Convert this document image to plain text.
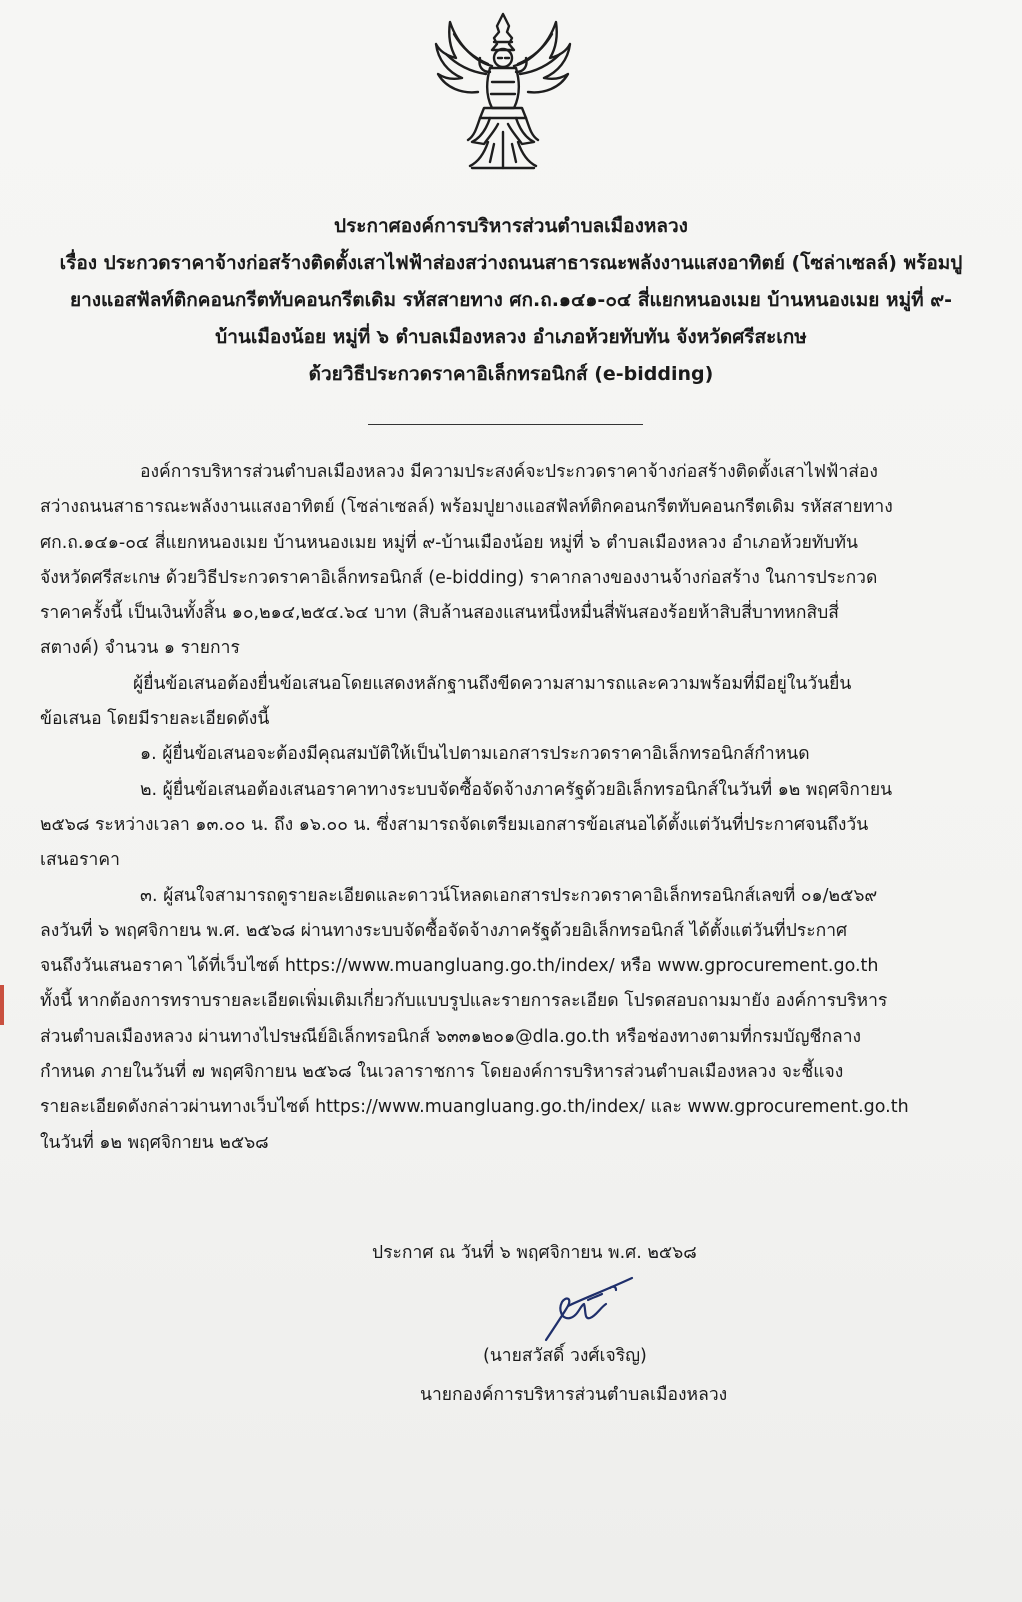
ประกาศองค์การบริหารส่วนตำบลเมืองหลวง
เรื่อง ประกวดราคาจ้างก่อสร้างติดตั้งเสาไฟฟ้าส่องสว่างถนนสาธารณะพลังงานแสงอาทิตย์ (โซล่าเซลล์) พร้อมปู
ยางแอสฟัลท์ติกคอนกรีตทับคอนกรีตเดิม รหัสสายทาง ศก.ถ.๑๔๑-๐๔ สี่แยกหนองเมย บ้านหนองเมย หมู่ที่ ๙-
บ้านเมืองน้อย หมู่ที่ ๖ ตำบลเมืองหลวง อำเภอห้วยทับทัน จังหวัดศรีสะเกษ
ด้วยวิธีประกวดราคาอิเล็กทรอนิกส์ (e-bidding)
องค์การบริหารส่วนตำบลเมืองหลวง มีความประสงค์จะประกวดราคาจ้างก่อสร้างติดตั้งเสาไฟฟ้าส่อง
สว่างถนนสาธารณะพลังงานแสงอาทิตย์ (โซล่าเซลล์) พร้อมปูยางแอสฟัลท์ติกคอนกรีตทับคอนกรีตเดิม รหัสสายทาง
ศก.ถ.๑๔๑-๐๔ สี่แยกหนองเมย บ้านหนองเมย หมู่ที่ ๙-บ้านเมืองน้อย หมู่ที่ ๖ ตำบลเมืองหลวง อำเภอห้วยทับทัน
จังหวัดศรีสะเกษ ด้วยวิธีประกวดราคาอิเล็กทรอนิกส์ (e-bidding) ราคากลางของงานจ้างก่อสร้าง ในการประกวด
ราคาครั้งนี้ เป็นเงินทั้งสิ้น ๑๐,๒๑๔,๒๕๔.๖๔ บาท (สิบล้านสองแสนหนึ่งหมื่นสี่พันสองร้อยห้าสิบสี่บาทหกสิบสี่
สตางค์) จำนวน ๑ รายการ
ผู้ยื่นข้อเสนอต้องยื่นข้อเสนอโดยแสดงหลักฐานถึงขีดความสามารถและความพร้อมที่มีอยู่ในวันยื่น
ข้อเสนอ โดยมีรายละเอียดดังนี้
๑. ผู้ยื่นข้อเสนอจะต้องมีคุณสมบัติให้เป็นไปตามเอกสารประกวดราคาอิเล็กทรอนิกส์กำหนด
๒. ผู้ยื่นข้อเสนอต้องเสนอราคาทางระบบจัดซื้อจัดจ้างภาครัฐด้วยอิเล็กทรอนิกส์ในวันที่ ๑๒ พฤศจิกายน
๒๕๖๘ ระหว่างเวลา ๑๓.๐๐ น. ถึง ๑๖.๐๐ น. ซึ่งสามารถจัดเตรียมเอกสารข้อเสนอได้ตั้งแต่วันที่ประกาศจนถึงวัน
เสนอราคา
๓. ผู้สนใจสามารถดูรายละเอียดและดาวน์โหลดเอกสารประกวดราคาอิเล็กทรอนิกส์เลขที่ ๐๑/๒๕๖๙
ลงวันที่ ๖ พฤศจิกายน พ.ศ. ๒๕๖๘ ผ่านทางระบบจัดซื้อจัดจ้างภาครัฐด้วยอิเล็กทรอนิกส์ ได้ตั้งแต่วันที่ประกาศ
จนถึงวันเสนอราคา ได้ที่เว็บไซต์ https://www.muangluang.go.th/index/ หรือ www.gprocurement.go.th
ทั้งนี้ หากต้องการทราบรายละเอียดเพิ่มเติมเกี่ยวกับแบบรูปและรายการละเอียด โปรดสอบถามมายัง องค์การบริหาร
ส่วนตำบลเมืองหลวง ผ่านทางไปรษณีย์อิเล็กทรอนิกส์ ๖๓๓๑๒๐๑@dla.go.th หรือช่องทางตามที่กรมบัญชีกลาง
กำหนด ภายในวันที่ ๗ พฤศจิกายน ๒๕๖๘ ในเวลาราชการ โดยองค์การบริหารส่วนตำบลเมืองหลวง จะชี้แจง
รายละเอียดดังกล่าวผ่านทางเว็บไซต์ https://www.muangluang.go.th/index/ และ www.gprocurement.go.th
ในวันที่ ๑๒ พฤศจิกายน ๒๕๖๘
ประกาศ ณ วันที่ ๖ พฤศจิกายน พ.ศ. ๒๕๖๘
(นายสวัสดิ์ วงศ์เจริญ)
นายกองค์การบริหารส่วนตำบลเมืองหลวง
